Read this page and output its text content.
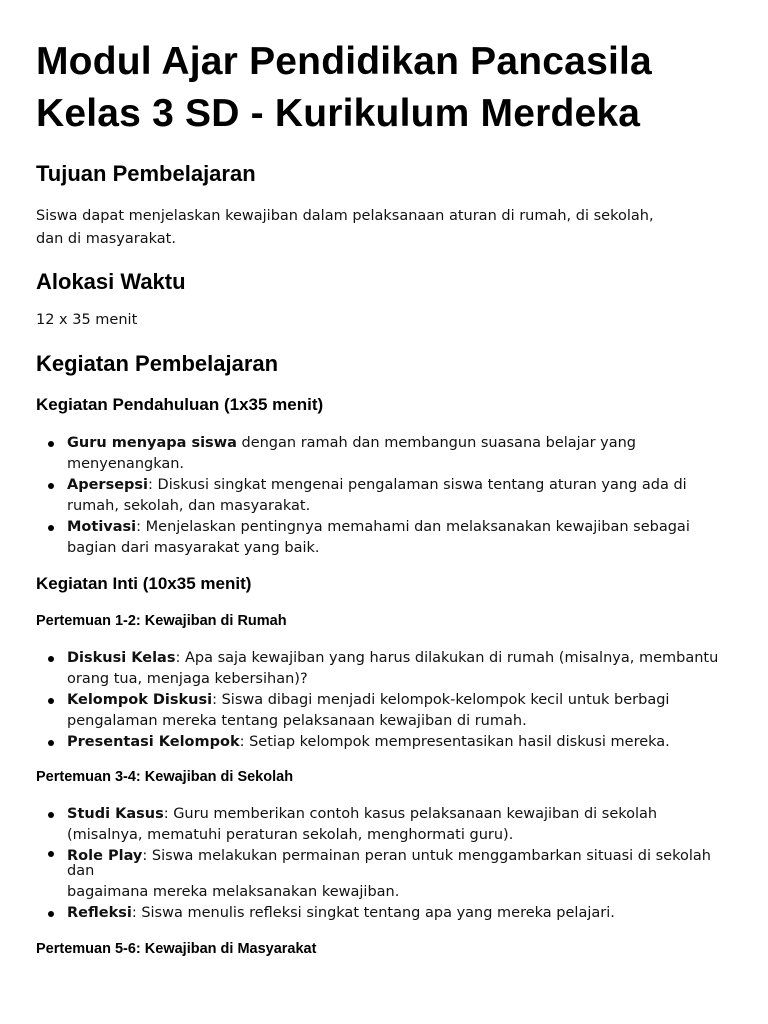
Modul Ajar Pendidikan Pancasila
Kelas 3 SD - Kurikulum Merdeka
Tujuan Pembelajaran

Siswa dapat menjelaskan kewajiban dalam pelaksanaan aturan di rumah, di sekolah, dan di masyarakat.

Alokasi Waktu

12 x 35 menit

Kegiatan Pembelajaran
Kegiatan Pendahuluan (1x35 menit)
Guru menyapa siswa dengan ramah dan membangun suasana belajar yang menyenangkan.
Apersepsi: Diskusi singkat mengenai pengalaman siswa tentang aturan yang ada di rumah, sekolah, dan masyarakat.
Motivasi: Menjelaskan pentingnya memahami dan melaksanakan kewajiban sebagai bagian dari masyarakat yang baik.
Kegiatan Inti (10x35 menit)
Pertemuan 1-2: Kewajiban di Rumah
Diskusi Kelas: Apa saja kewajiban yang harus dilakukan di rumah (misalnya, membantu orang tua, menjaga kebersihan)?
Kelompok Diskusi: Siswa dibagi menjadi kelompok-kelompok kecil untuk berbagi pengalaman mereka tentang pelaksanaan kewajiban di rumah.
Presentasi Kelompok: Setiap kelompok mempresentasikan hasil diskusi mereka.
Pertemuan 3-4: Kewajiban di Sekolah
Studi Kasus: Guru memberikan contoh kasus pelaksanaan kewajiban di sekolah (misalnya, mematuhi peraturan sekolah, menghormati guru).
Role Play: Siswa melakukan permainan peran untuk menggambarkan situasi di sekolah dan
bagaimana mereka melaksanakan kewajiban.
Refleksi: Siswa menulis refleksi singkat tentang apa yang mereka pelajari.
Pertemuan 5-6: Kewajiban di Masyarakat
